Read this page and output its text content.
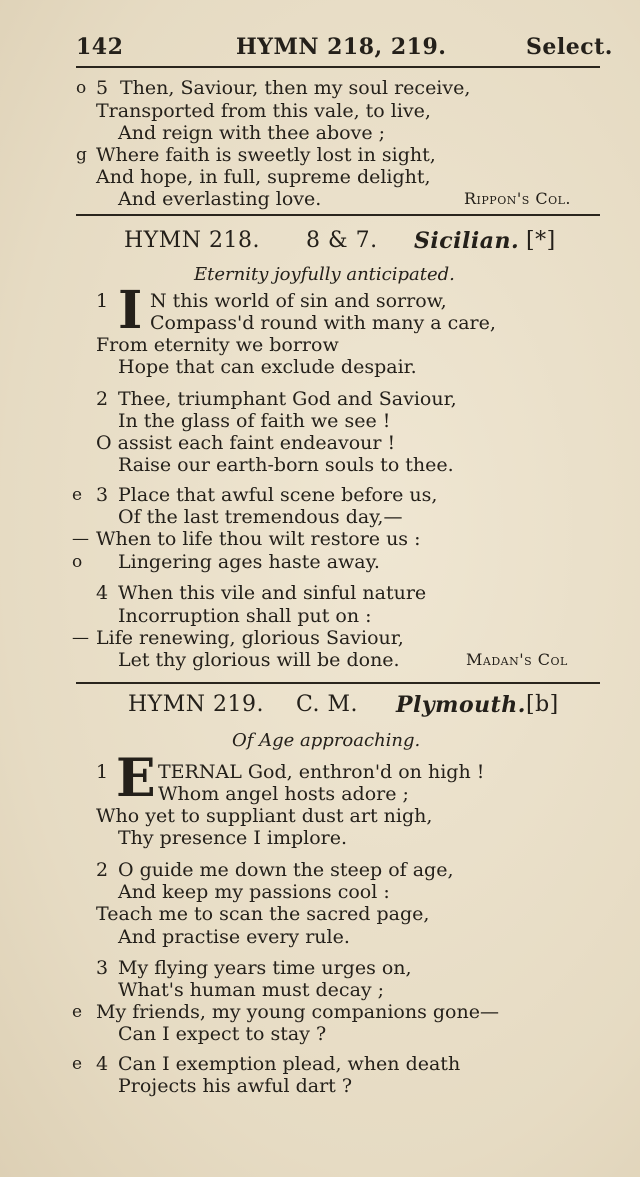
142	HYMN 218, 219.	Select.
o 5 Then, Saviour, then my soul receive,
Transported from this vale, to live,
And reign with thee above ;
g Where faith is sweetly lost in sight,
And hope, in full, supreme delight,
And everlasting love.	Rippon's Col.
HYMN 218. 8 & 7. Sicilian. [*]
Eternity joyfully anticipated.
1 I N this world of sin and sorrow,
Compass'd round with many a care,
From eternity we borrow
Hope that can exclude despair.
2 Thee, triumphant God and Saviour,
In the glass of faith we see !
O assist each faint endeavour !
Raise our earth-born souls to thee.
e 3 Place that awful scene before us,
Of the last tremendous day,—
— When to life thou wilt restore us :
o Lingering ages haste away.
4 When this vile and sinful nature
Incorruption shall put on :
— Life renewing, glorious Saviour,
Let thy glorious will be done.	Madan's Col
HYMN 219. C. M. Plymouth. [b]
Of Age approaching.
1 E TERNAL God, enthron'd on high !
Whom angel hosts adore ;
Who yet to suppliant dust art nigh,
Thy presence I implore.
2 O guide me down the steep of age,
And keep my passions cool :
Teach me to scan the sacred page,
And practise every rule.
3 My flying years time urges on,
What's human must decay ;
e My friends, my young companions gone—
Can I expect to stay ?
e 4 Can I exemption plead, when death
Projects his awful dart ?
